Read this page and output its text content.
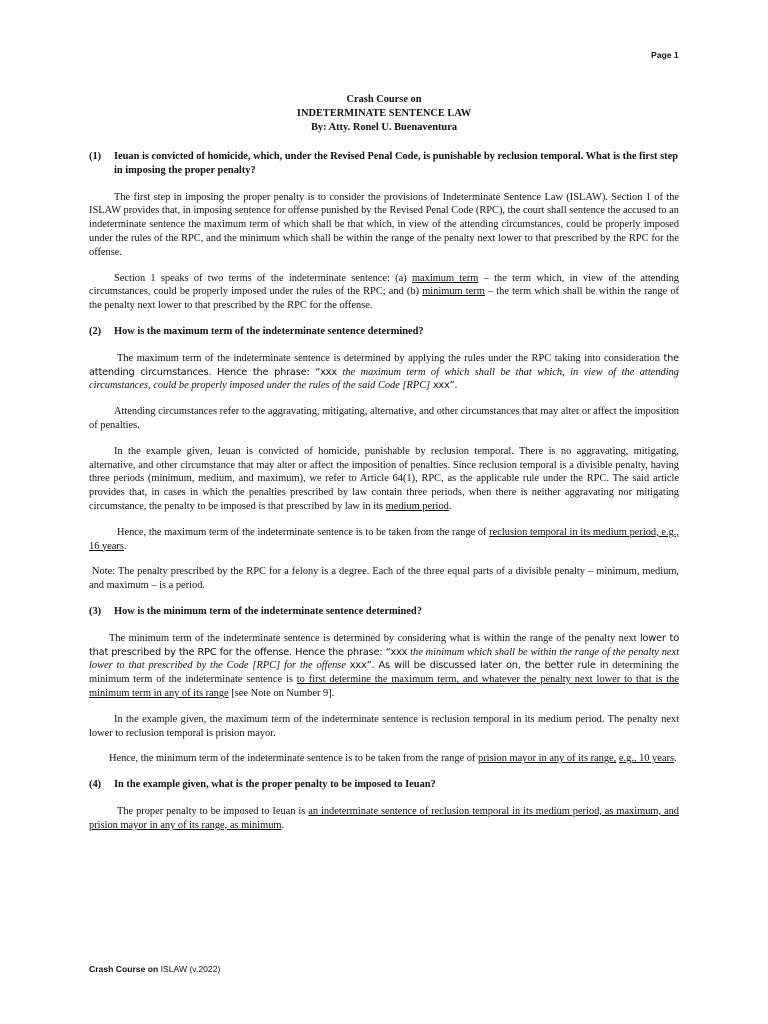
Page 1
Crash Course on
INDETERMINATE SENTENCE LAW
By: Atty. Ronel U. Buenaventura
(1)	Ieuan is convicted of homicide, which, under the Revised Penal Code, is punishable by reclusion temporal. What is the first step in imposing the proper penalty?

The first step in imposing the proper penalty is to consider the provisions of Indeterminate Sentence Law (ISLAW). Section 1 of the ISLAW provides that, in imposing sentence for offense punished by the Revised Penal Code (RPC), the court shall sentence the accused to an indeterminate sentence the maximum term of which shall be that which, in view of the attending circumstances, could be properly imposed under the rules of the RPC, and the minimum which shall be within the range of the penalty next lower to that prescribed by the RPC for the offense.

Section 1 speaks of two terms of the indeterminate sentence: (a) maximum term – the term which, in view of the attending circumstances, could be properly imposed under the rules of the RPC; and (b) minimum term – the term which shall be within the range of the penalty next lower to that prescribed by the RPC for the offense.

(2)	How is the maximum term of the indeterminate sentence determined?

The maximum term of the indeterminate sentence is determined by applying the rules under the RPC taking into consideration the attending circumstances. Hence the phrase: “xxx the maximum term of which shall be that which, in view of the attending circumstances, could be properly imposed under the rules of the said Code [RPC] xxx”.

Attending circumstances refer to the aggravating, mitigating, alternative, and other circumstances that may alter or affect the imposition of penalties.

In the example given, Ieuan is convicted of homicide, punishable by reclusion temporal. There is no aggravating, mitigating, alternative, and other circumstance that may alter or affect the imposition of penalties. Since reclusion temporal is a divisible penalty, having three periods (minimum, medium, and maximum), we refer to Article 64(1), RPC, as the applicable rule under the RPC. The said article provides that, in cases in which the penalties prescribed by law contain three periods, when there is neither aggravating nor mitigating circumstance, the penalty to be imposed is that prescribed by law in its medium period.

Hence, the maximum term of the indeterminate sentence is to be taken from the range of reclusion temporal in its medium period, e.g., 16 years.

Note: The penalty prescribed by the RPC for a felony is a degree. Each of the three equal parts of a divisible penalty – minimum, medium, and maximum – is a period.

(3)	How is the minimum term of the indeterminate sentence determined?

The minimum term of the indeterminate sentence is determined by considering what is within the range of the penalty next lower to that prescribed by the RPC for the offense. Hence the phrase: “xxx the minimum which shall be within the range of the penalty next lower to that prescribed by the Code [RPC] for the offense xxx”. As will be discussed later on, the better rule in determining the minimum term of the indeterminate sentence is to first determine the maximum term, and whatever the penalty next lower to that is the minimum term in any of its range [see Note on Number 9].

In the example given, the maximum term of the indeterminate sentence is reclusion temporal in its medium period. The penalty next lower to reclusion temporal is prision mayor.

Hence, the minimum term of the indeterminate sentence is to be taken from the range of prision mayor in any of its range, e.g., 10 years.

(4)	In the example given, what is the proper penalty to be imposed to Ieuan?

The proper penalty to be imposed to Ieuan is an indeterminate sentence of reclusion temporal in its medium period, as maximum, and prision mayor in any of its range, as minimum.

Crash Course on ISLAW (v.2022)
